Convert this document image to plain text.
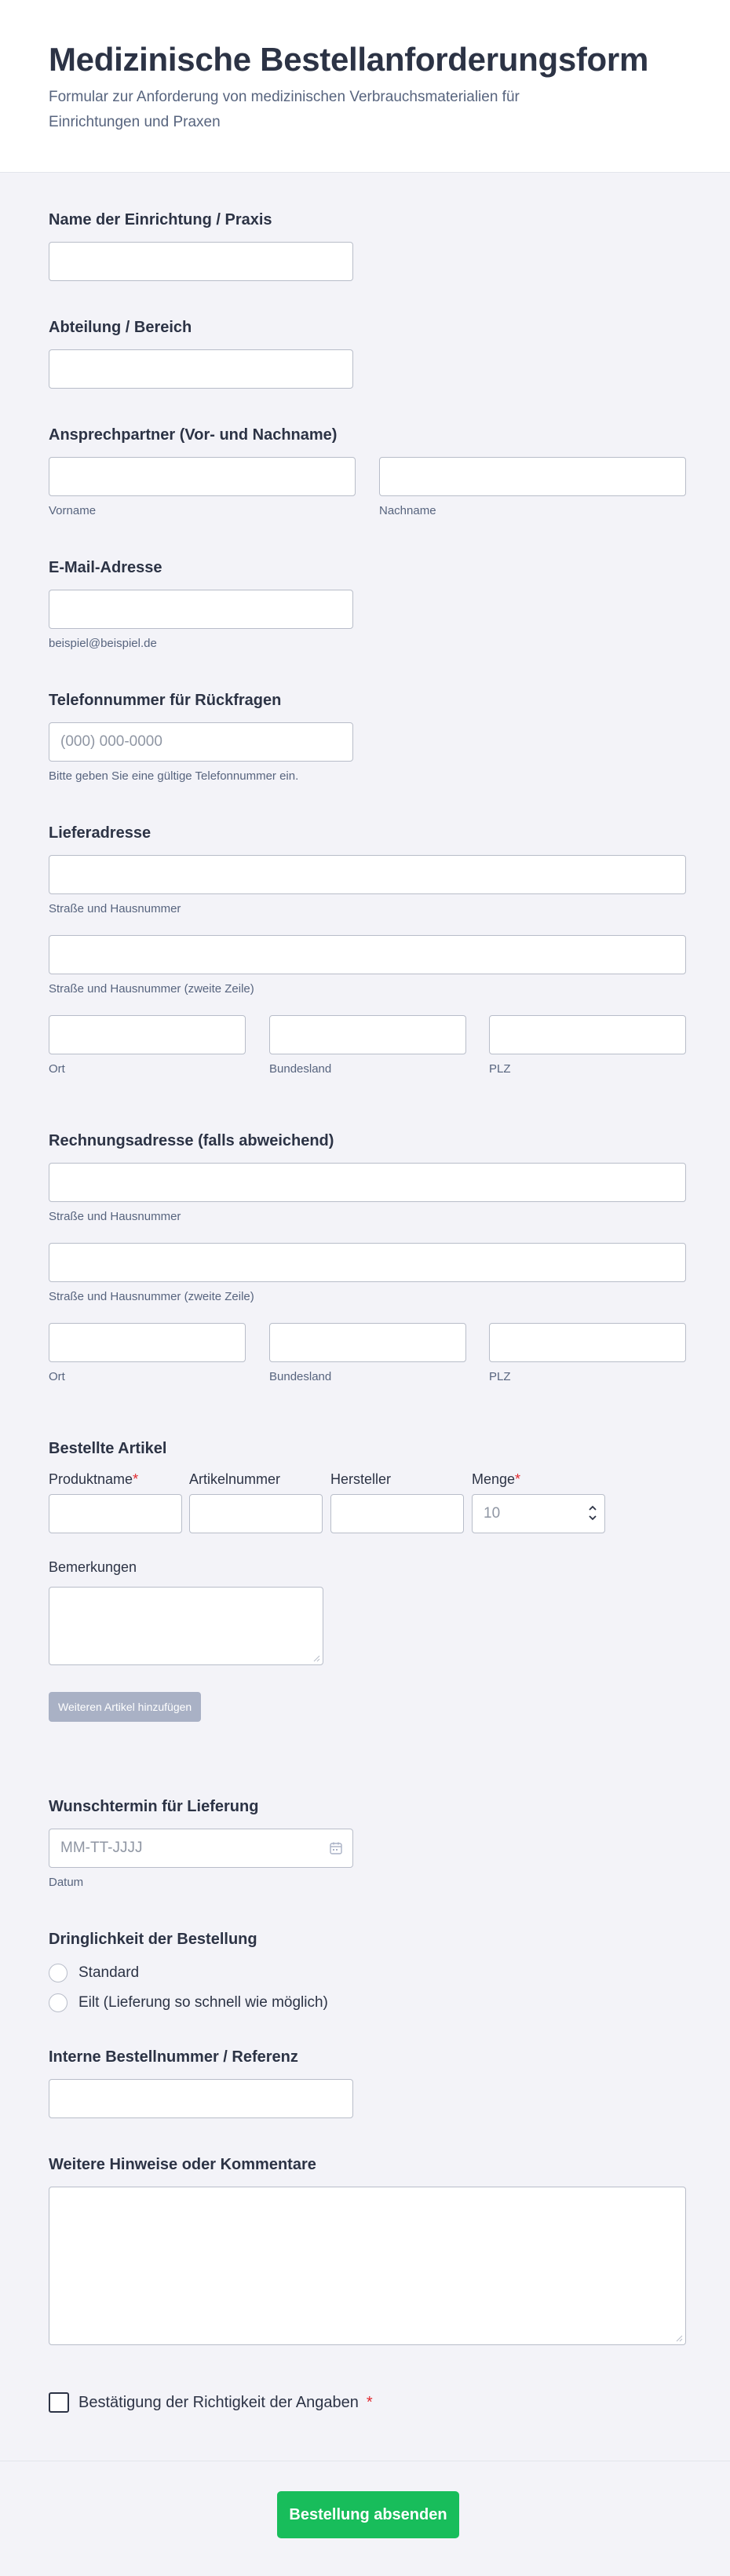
Medizinische Bestellanforderungsform

Formular zur Anforderung von medizinischen Verbrauchsmaterialien für Einrichtungen und Praxen

Name der Einrichtung / Praxis
Abteilung / Bereich
Ansprechpartner (Vor- und Nachname)
Vorname	Nachname
E-Mail-Adresse
beispiel@beispiel.de
Telefonnummer für Rückfragen
(000) 000-0000
Bitte geben Sie eine gültige Telefonnummer ein.
Lieferadresse
Straße und Hausnummer
Straße und Hausnummer (zweite Zeile)
Ort	Bundesland	PLZ
Rechnungsadresse (falls abweichend)
Straße und Hausnummer
Straße und Hausnummer (zweite Zeile)
Ort	Bundesland	PLZ
Bestellte Artikel
Produktname*	Artikelnummer	Hersteller	Menge*
10
Bemerkungen
Weiteren Artikel hinzufügen
Wunschtermin für Lieferung
MM-TT-JJJJ
Datum
Dringlichkeit der Bestellung
Standard
Eilt (Lieferung so schnell wie möglich)
Interne Bestellnummer / Referenz
Weitere Hinweise oder Kommentare
Bestätigung der Richtigkeit der Angaben *
Bestellung absenden
